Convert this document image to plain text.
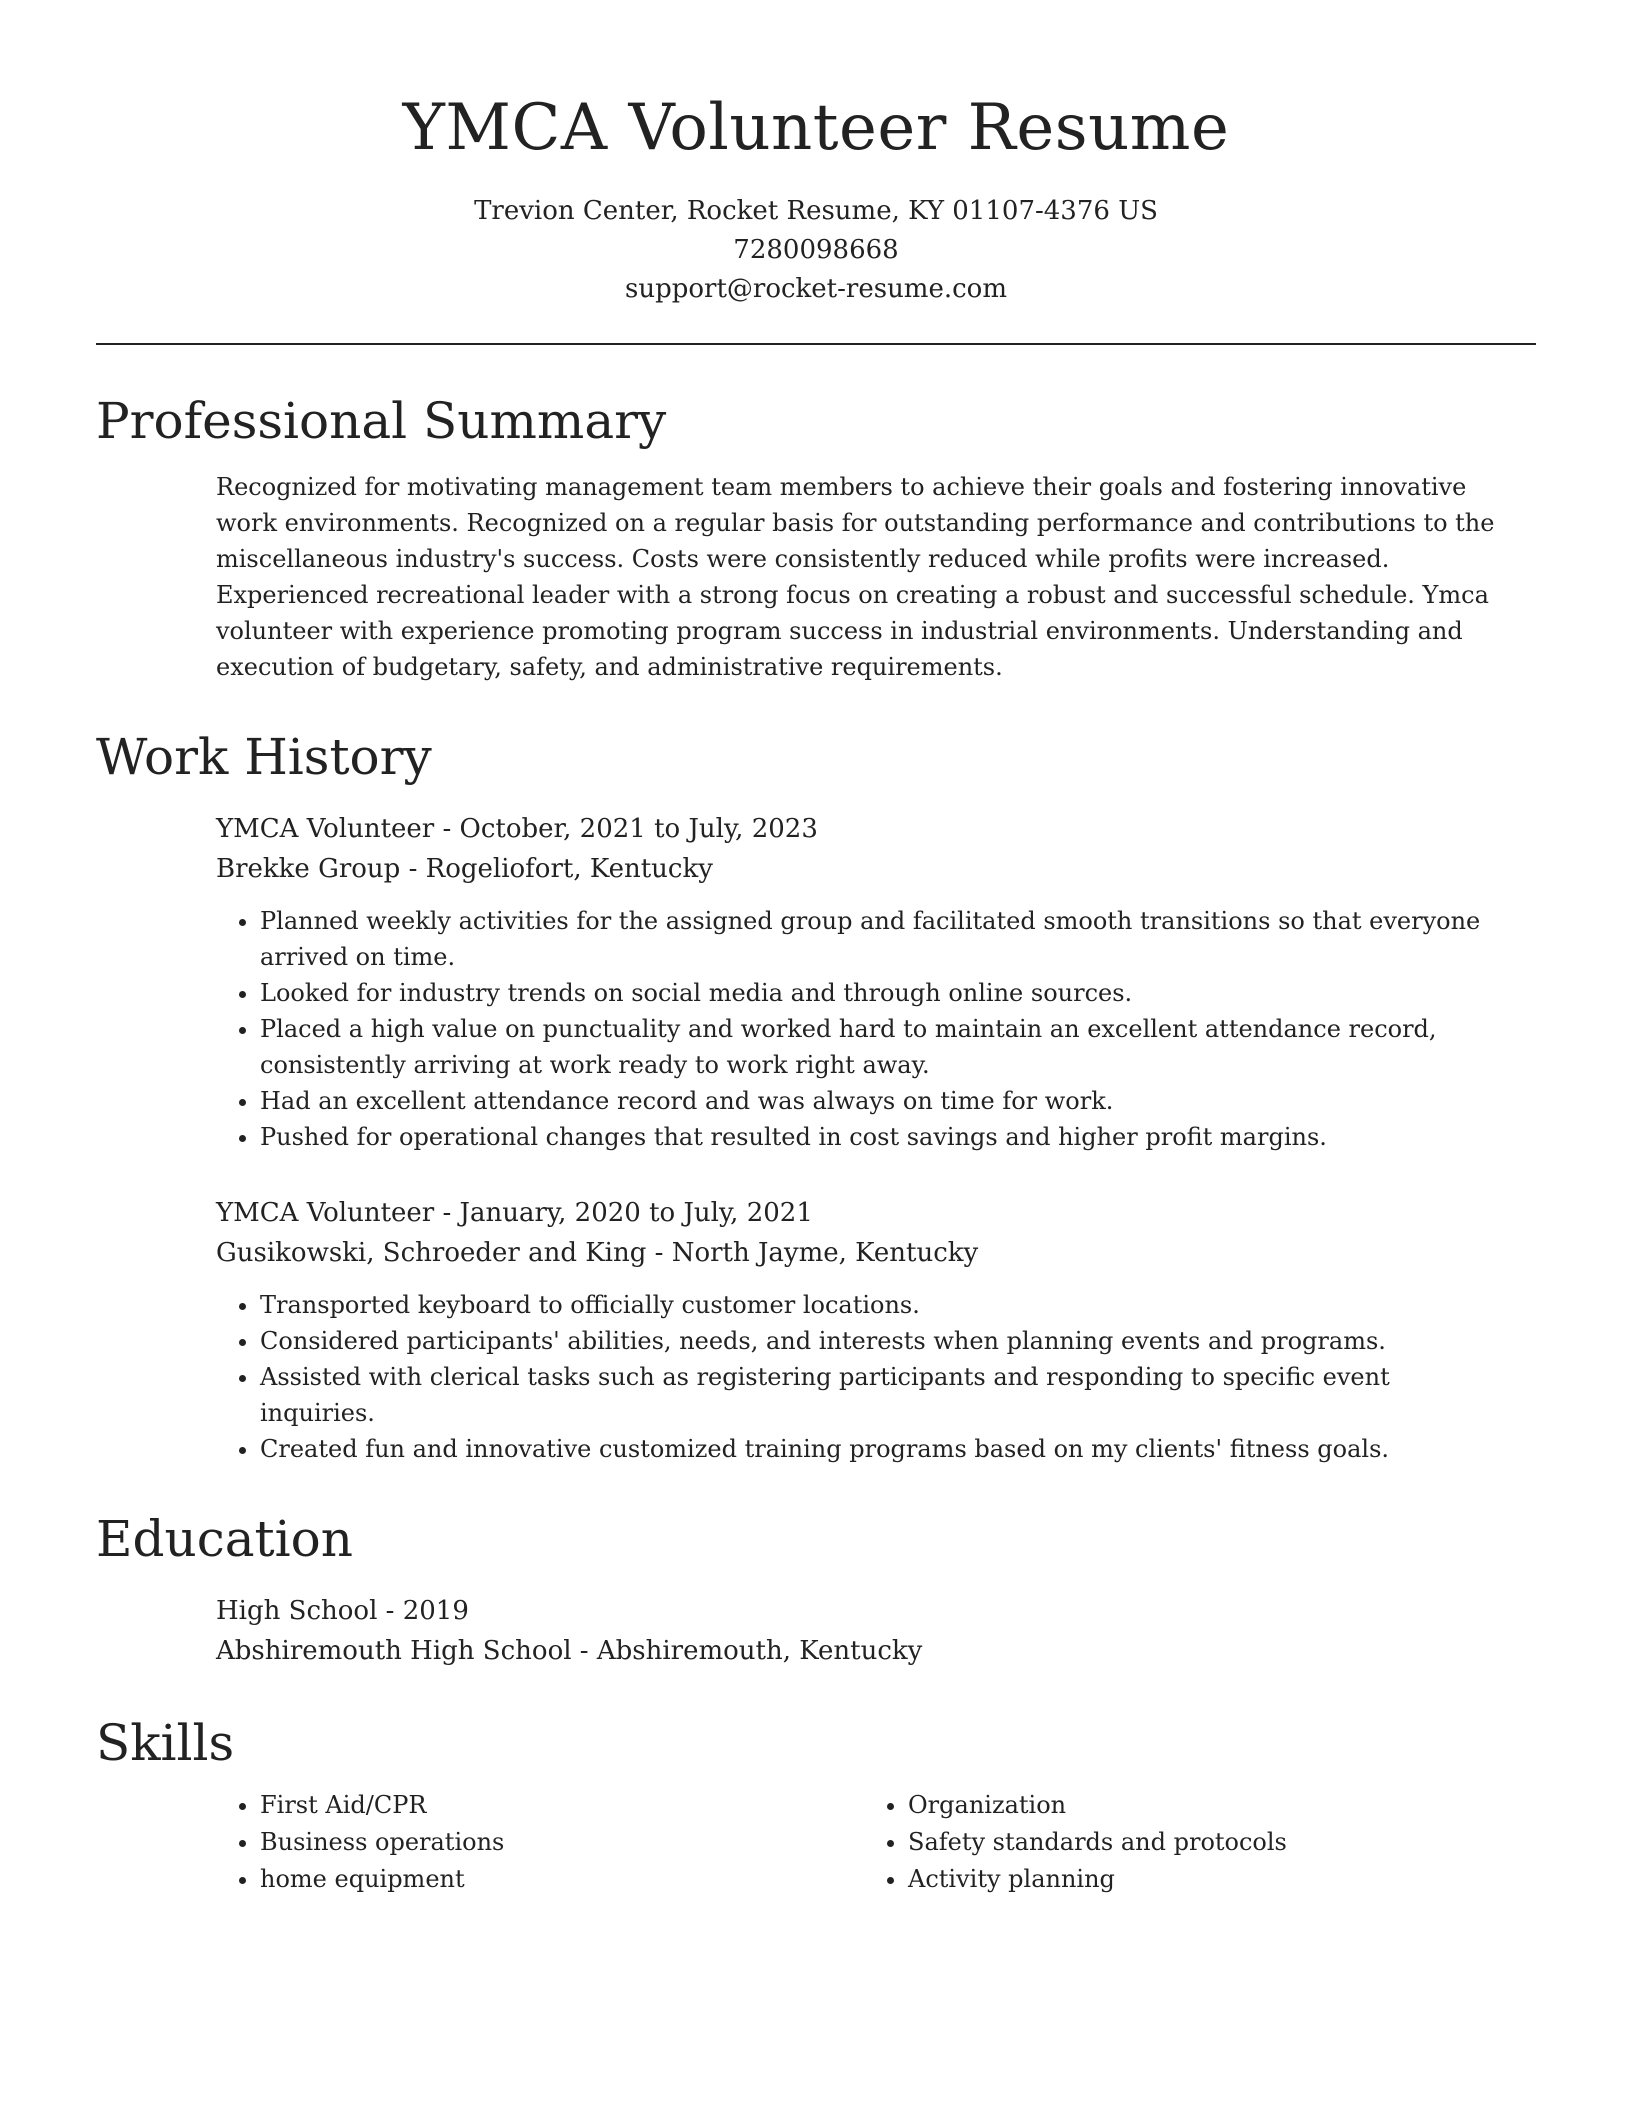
YMCA Volunteer Resume
Trevion Center, Rocket Resume, KY 01107-4376 US
7280098668
support@rocket-resume.com
Professional Summary

Recognized for motivating management team members to achieve their goals and fostering innovative work environments. Recognized on a regular basis for outstanding performance and contributions to the miscellaneous industry's success. Costs were consistently reduced while profits were increased. Experienced recreational leader with a strong focus on creating a robust and successful schedule. Ymca volunteer with experience promoting program success in industrial environments. Understanding and execution of budgetary, safety, and administrative requirements.

Work History
YMCA Volunteer - October, 2021 to July, 2023
Brekke Group - Rogeliofort, Kentucky
• Planned weekly activities for the assigned group and facilitated smooth transitions so that everyone arrived on time.
• Looked for industry trends on social media and through online sources.
• Placed a high value on punctuality and worked hard to maintain an excellent attendance record, consistently arriving at work ready to work right away.
• Had an excellent attendance record and was always on time for work.
• Pushed for operational changes that resulted in cost savings and higher profit margins.
YMCA Volunteer - January, 2020 to July, 2021
Gusikowski, Schroeder and King - North Jayme, Kentucky
• Transported keyboard to officially customer locations.
• Considered participants' abilities, needs, and interests when planning events and programs.
• Assisted with clerical tasks such as registering participants and responding to specific event inquiries.
• Created fun and innovative customized training programs based on my clients' fitness goals.
Education
High School - 2019
Abshiremouth High School - Abshiremouth, Kentucky
Skills
• First Aid/CPR
• Business operations
• home equipment
• Organization
• Safety standards and protocols
• Activity planning
